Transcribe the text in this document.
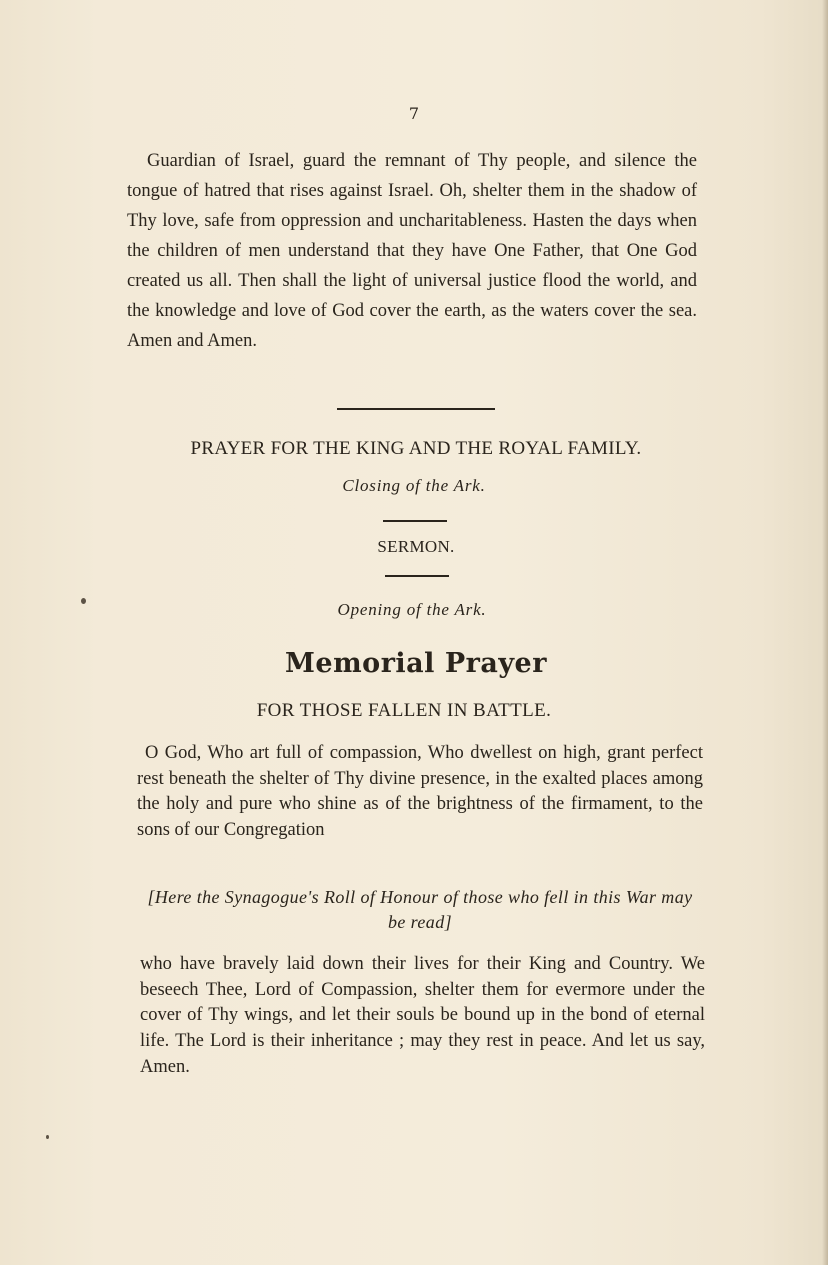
7

Guardian of Israel, guard the remnant of Thy people, and silence the tongue of hatred that rises against Israel. Oh, shelter them in the shadow of Thy love, safe from oppression and uncharitableness. Hasten the days when the children of men understand that they have One Father, that One God created us all. Then shall the light of universal justice flood the world, and the knowledge and love of God cover the earth, as the waters cover the sea. Amen and Amen.

PRAYER FOR THE KING AND THE ROYAL FAMILY.
Closing of the Ark.
SERMON.
Opening of the Ark.
Memorial Prayer
FOR THOSE FALLEN IN BATTLE.

O God, Who art full of compassion, Who dwellest on high, grant perfect rest beneath the shelter of Thy divine presence, in the exalted places among the holy and pure who shine as of the brightness of the firmament, to the sons of our Congregation

[Here the Synagogue's Roll of Honour of those who fell in this War may be read]

who have bravely laid down their lives for their King and Country. We beseech Thee, Lord of Compassion, shelter them for evermore under the cover of Thy wings, and let their souls be bound up in the bond of eternal life. The Lord is their inheritance ; may they rest in peace. And let us say, Amen.
